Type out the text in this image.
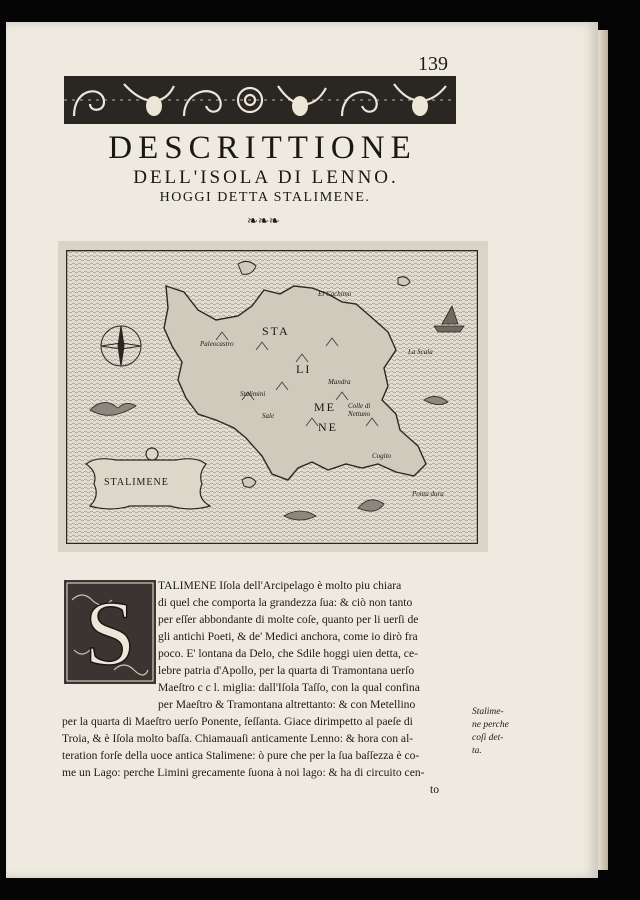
139
DESCRITTIONE
DELL'ISOLA DI LENNO.
HOGGI DETTA STALIMENE.
❧❧❧
El Cachimo
Paleocastro
La Scala
STA
LI
ME
NE
Stalimini
Mandra
Colle di
Nettuno
Sale
Cogito
Ponta dura
STALIMENE
S TALIMENE Iſola dell'Arcipelago è molto piu chiara
di quel che comporta la grandezza ſua: & ciò non tanto
per eſſer abbondante di molte coſe, quanto per li uerſi de
gli antichi Poeti, & de' Medici anchora, come io dirò fra
poco. E' lontana da Delo, che Sdile hoggi uien detta, ce-
lebre patria d'Apollo, per la quarta di Tramontana uerſo
Maeſtro c c l. miglia: dall'Iſola Taſſo, con la qual confina
per Maeſtro & Tramontana altrettanto: & con Metellino
per la quarta di Maeſtro uerſo Ponente, ſeſſanta. Giace dirimpetto al paeſe di
Troia, & è Iſola molto baſſa. Chiamauaſi anticamente Lenno: & hora con al-
teration forſe della uoce antica Stalimene: ò pure che per la ſua baſſezza è co-
me un Lago: perche Limini grecamente ſuona à noi lago: & ha di circuito cen-
to
Stalime-
ne perche
coſi det-
ta.
